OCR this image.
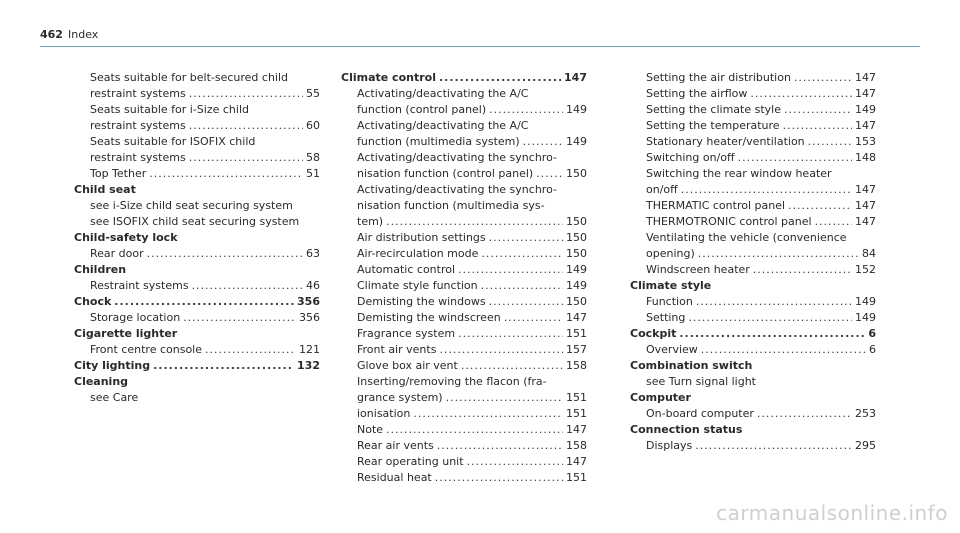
462 Index
Seats suitable for belt-secured child
restraint systems .....	55
Seats suitable for i-Size child
restraint systems .....	60
Seats suitable for ISOFIX child
restraint systems .....	58
Top Tether .....	51
Child seat
see i-Size child seat securing system
see ISOFIX child seat securing system
Child-safety lock
Rear door .....	63
Children
Restraint systems .....	46
Chock .....	356
Storage location .....	356
Cigarette lighter
Front centre console .....	121
City lighting .....	132
Cleaning
see Care
Climate control .....	147
Activating/deactivating the A/C
function (control panel) .....	149
Activating/deactivating the A/C
function (multimedia system) .....	149
Activating/deactivating the synchro-
nisation function (control panel) .....	150
Activating/deactivating the synchro-
nisation function (multimedia sys-
tem) .....	150
Air distribution settings .....	150
Air-recirculation mode .....	150
Automatic control .....	149
Climate style function .....	149
Demisting the windows .....	150
Demisting the windscreen .....	147
Fragrance system .....	151
Front air vents .....	157
Glove box air vent .....	158
Inserting/removing the flacon (fra-
grance system) .....	151
ionisation .....	151
Note .....	147
Rear air vents .....	158
Rear operating unit .....	147
Residual heat .....	151
Setting the air distribution .....	147
Setting the airflow .....	147
Setting the climate style .....	149
Setting the temperature .....	147
Stationary heater/ventilation .....	153
Switching on/off .....	148
Switching the rear window heater
on/off .....	147
THERMATIC control panel .....	147
THERMOTRONIC control panel .....	147
Ventilating the vehicle (convenience
opening) .....	84
Windscreen heater .....	152
Climate style
Function .....	149
Setting .....	149
Cockpit .....	6
Overview .....	6
Combination switch
see Turn signal light
Computer
On-board computer .....	253
Connection status
Displays .....	295
carmanualsonline.info
